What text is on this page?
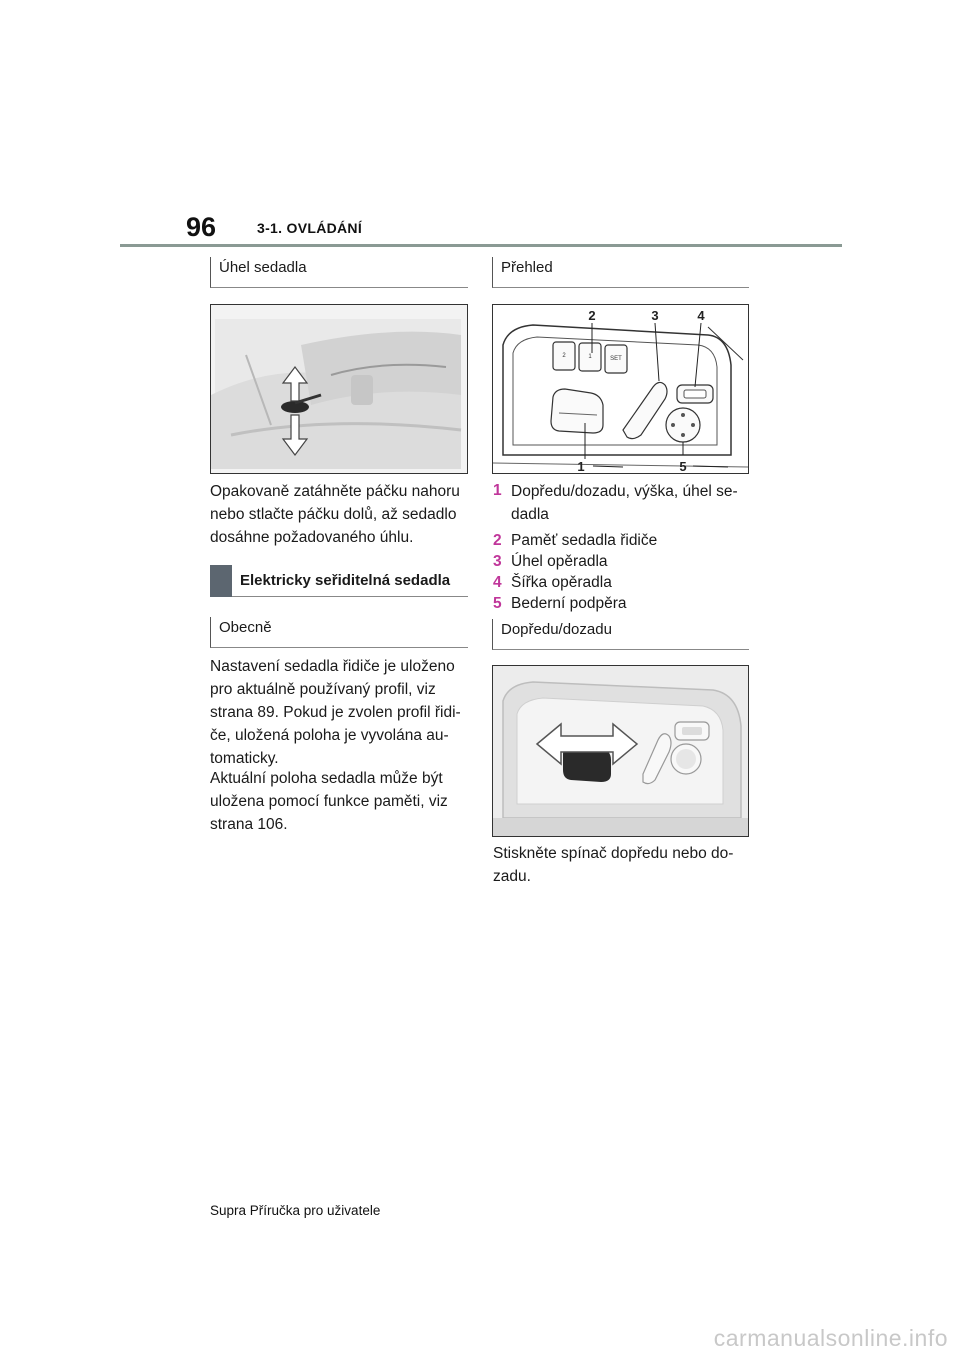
96	3-1. OVLÁDÁNÍ
Úhel sedadla

Opakovaně zatáhněte páčku nahoru nebo stlačte páčku dolů, až sedadlo dosáhne požadovaného úhlu.

Elektricky seřiditelná sedadla
Obecně

Nastavení sedadla řidiče je uloženo pro aktuálně používaný profil, viz strana 89. Pokud je zvolen profil řidi-če, uložená poloha je vyvolána au-tomaticky.

Aktuální poloha sedadla může být uložena pomocí funkce paměti, viz strana 106.

Přehled
2	1	SET
2	3	4
1	5
1 Dopředu/dozadu, výška, úhel se-dadla
2 Paměť sedadla řidiče
3 Úhel opěradla
4 Šířka opěradla
5 Bederní podpěra
Dopředu/dozadu

Stiskněte spínač dopředu nebo do-zadu.

Supra Příručka pro uživatele
carmanualsonline.info
